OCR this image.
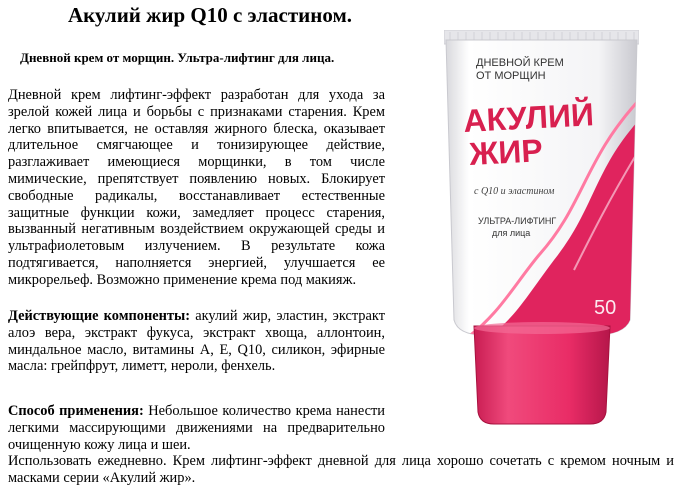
Акулий жир Q10 с эластином.

Дневной крем от морщин. Ультра-лифтинг для лица.

Дневной крем лифтинг-эффект разработан для ухода за зрелой кожей лица и борьбы с признаками старения. Крем легко впитывается, не оставляя жирного блеска, оказывает длительное смягчающее и тонизирующее действие, разглаживает имеющиеся морщинки, в том числе мимические, препятствует появлению новых. Блокирует свободные радикалы, восстанавливает естественные защитные функции кожи, замедляет процесс старения, вызванный негативным воздействием окружающей среды и ультрафиолетовым излучением. В результате кожа подтягивается, наполняется энергией, улучшается ее микрорельеф. Возможно применение крема под макияж.

Действующие компоненты: акулий жир, эластин, экстракт алоэ вера, экстракт фукуса, экстракт хвоща, аллонтоин, миндальное масло, витамины А, Е, Q10, силикон, эфирные масла: грейпфрут, лиметт, нероли, фенхель.

Способ применения: Небольшое количество крема нанести легкими массирующими движениями на предварительно очищенную кожу лица и шеи.

Использовать ежедневно. Крем лифтинг-эффект дневной для лица хорошо сочетать с кремом ночным и масками серии «Акулий жир».

ДНЕВНОЙ КРЕМ
ОТ МОРЩИН
АКУЛИЙ
ЖИР
с Q10 и эластином
УЛЬТРА-ЛИФТИНГ
для лица
50
